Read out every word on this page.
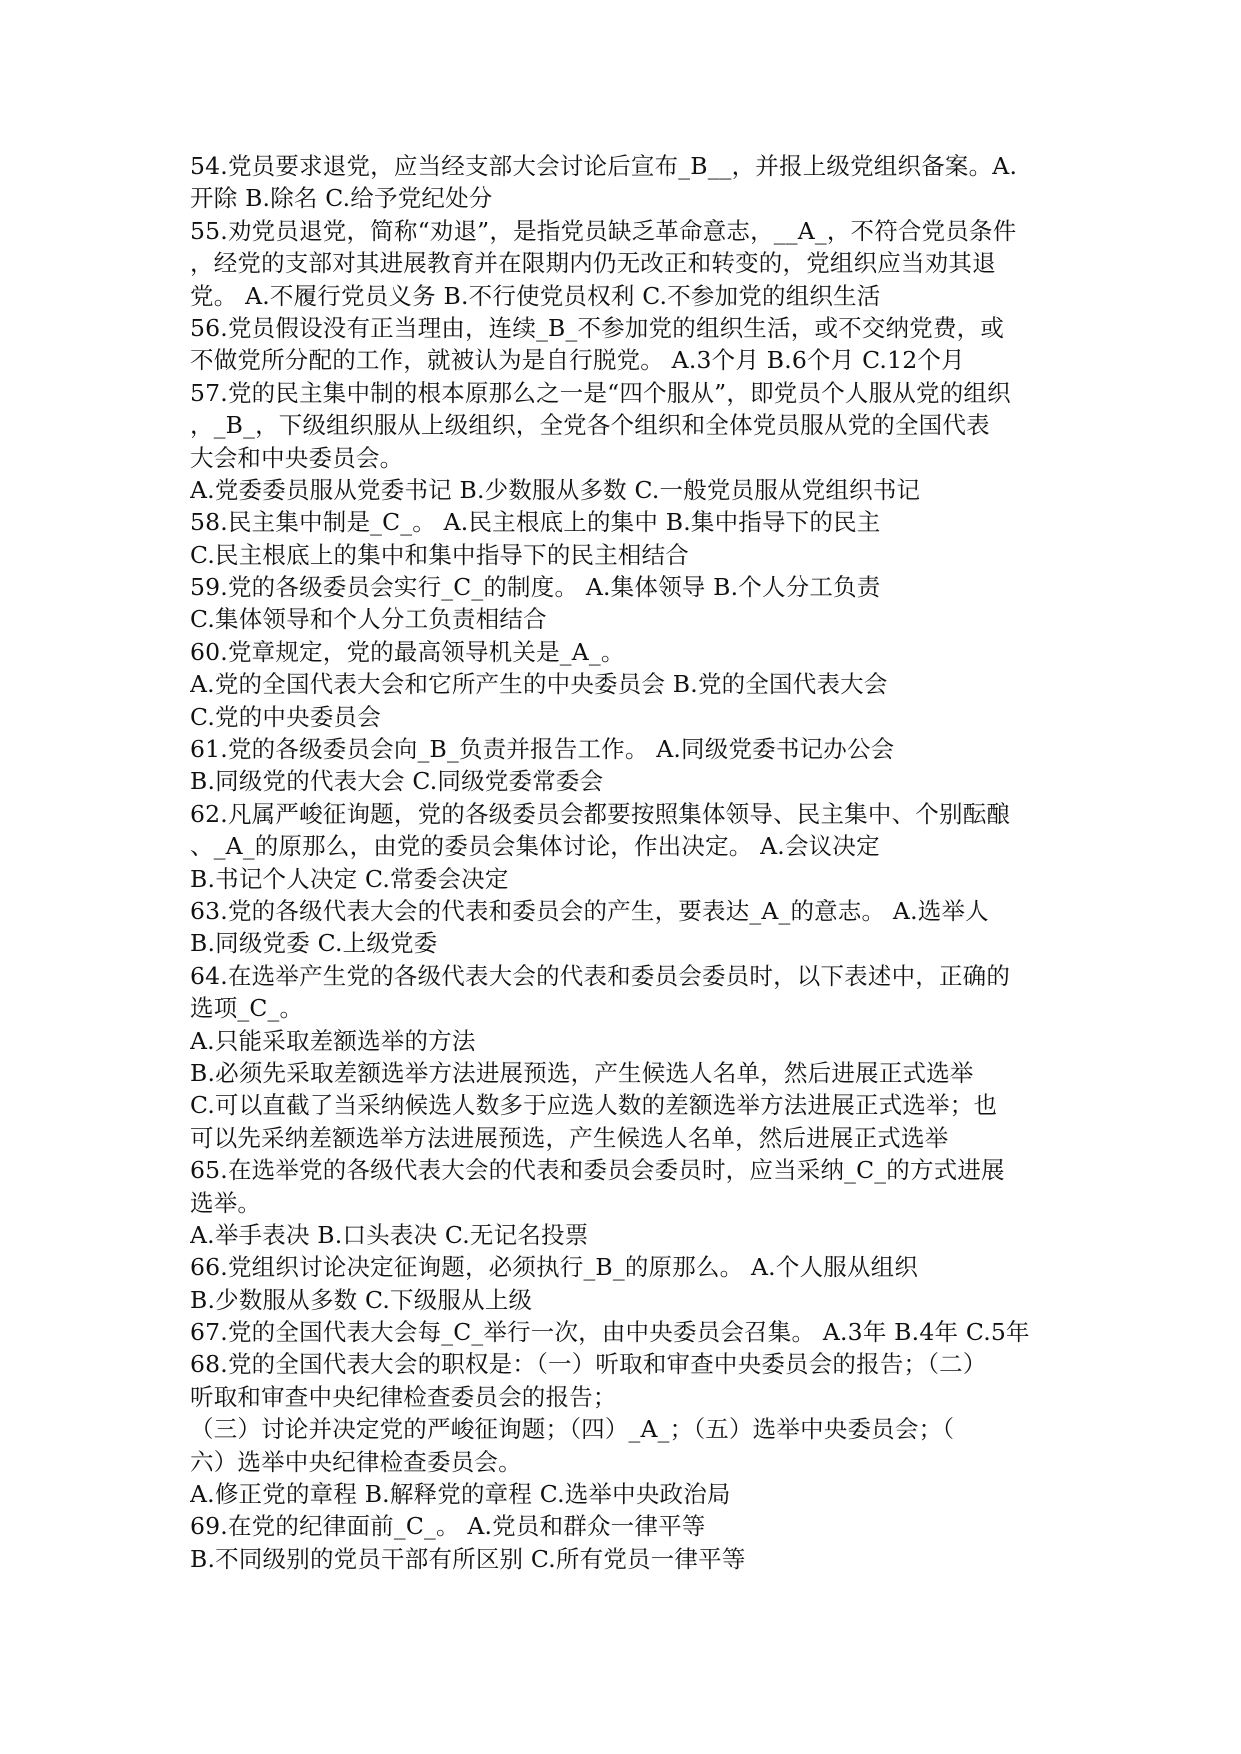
54.党员要求退党，应当经支部大会讨论后宣布_B__，并报上级党组织备案。A.
开除 B.除名 C.给予党纪处分
55.劝党员退党，简称“劝退”，是指党员缺乏革命意志，__A_，不符合党员条件
，经党的支部对其进展教育并在限期内仍无改正和转变的，党组织应当劝其退
党。 A.不履行党员义务 B.不行使党员权利 C.不参加党的组织生活
56.党员假设没有正当理由，连续_B_不参加党的组织生活，或不交纳党费，或
不做党所分配的工作，就被认为是自行脱党。 A.3个月 B.6个月 C.12个月
57.党的民主集中制的根本原那么之一是“四个服从”，即党员个人服从党的组织
，_B_，下级组织服从上级组织，全党各个组织和全体党员服从党的全国代表
大会和中央委员会。
A.党委委员服从党委书记 B.少数服从多数 C.一般党员服从党组织书记
58.民主集中制是_C_。 A.民主根底上的集中 B.集中指导下的民主
C.民主根底上的集中和集中指导下的民主相结合
59.党的各级委员会实行_C_的制度。 A.集体领导 B.个人分工负责
C.集体领导和个人分工负责相结合
60.党章规定，党的最高领导机关是_A_。
A.党的全国代表大会和它所产生的中央委员会 B.党的全国代表大会
C.党的中央委员会
61.党的各级委员会向_B_负责并报告工作。 A.同级党委书记办公会
B.同级党的代表大会 C.同级党委常委会
62.凡属严峻征询题，党的各级委员会都要按照集体领导、民主集中、个别酝酿
、_A_的原那么，由党的委员会集体讨论，作出决定。 A.会议决定
B.书记个人决定 C.常委会决定
63.党的各级代表大会的代表和委员会的产生，要表达_A_的意志。 A.选举人
B.同级党委 C.上级党委
64.在选举产生党的各级代表大会的代表和委员会委员时，以下表述中，正确的
选项_C_。
A.只能采取差额选举的方法
B.必须先采取差额选举方法进展预选，产生候选人名单，然后进展正式选举
C.可以直截了当采纳候选人数多于应选人数的差额选举方法进展正式选举；也
可以先采纳差额选举方法进展预选，产生候选人名单，然后进展正式选举
65.在选举党的各级代表大会的代表和委员会委员时，应当采纳_C_的方式进展
选举。
A.举手表决 B.口头表决 C.无记名投票
66.党组织讨论决定征询题，必须执行_B_的原那么。 A.个人服从组织
B.少数服从多数 C.下级服从上级
67.党的全国代表大会每_C_举行一次，由中央委员会召集。 A.3年 B.4年 C.5年
68.党的全国代表大会的职权是：（一）听取和审查中央委员会的报告；（二）
听取和审查中央纪律检查委员会的报告；
（三）讨论并决定党的严峻征询题；（四）_A_；（五）选举中央委员会；（
六）选举中央纪律检查委员会。
A.修正党的章程 B.解释党的章程 C.选举中央政治局
69.在党的纪律面前_C_。 A.党员和群众一律平等
B.不同级别的党员干部有所区别 C.所有党员一律平等
